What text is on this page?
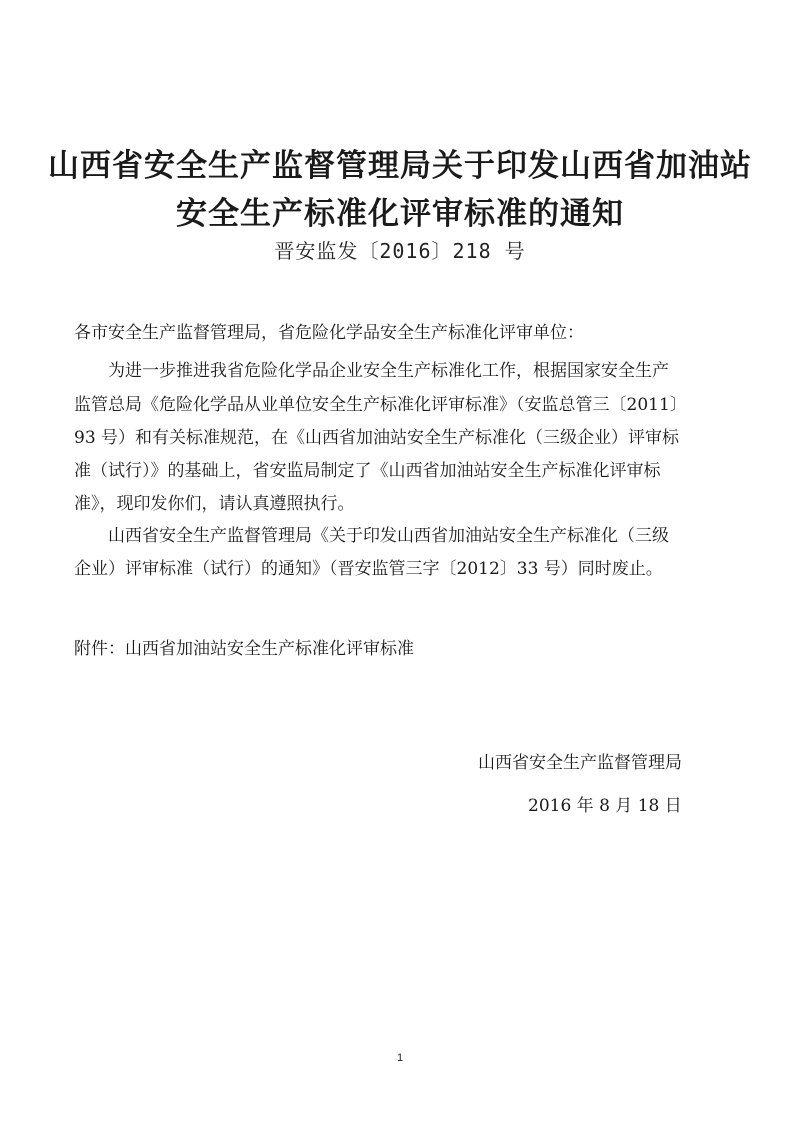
山西省安全生产监督管理局关于印发山西省加油站
安全生产标准化评审标准的通知
晋安监发〔2016〕218 号
各市安全生产监督管理局，省危险化学品安全生产标准化评审单位：
为进一步推进我省危险化学品企业安全生产标准化工作，根据国家安全生产
监管总局《危险化学品从业单位安全生产标准化评审标准》（安监总管三〔2011〕
93 号）和有关标准规范，在《山西省加油站安全生产标准化（三级企业）评审标
准（试行）》的基础上，省安监局制定了《山西省加油站安全生产标准化评审标
准》，现印发你们，请认真遵照执行。
山西省安全生产监督管理局《关于印发山西省加油站安全生产标准化（三级
企业）评审标准（试行）的通知》（晋安监管三字〔2012〕33 号）同时废止。
附件：山西省加油站安全生产标准化评审标准
山西省安全生产监督管理局
2016 年 8 月 18 日
1
